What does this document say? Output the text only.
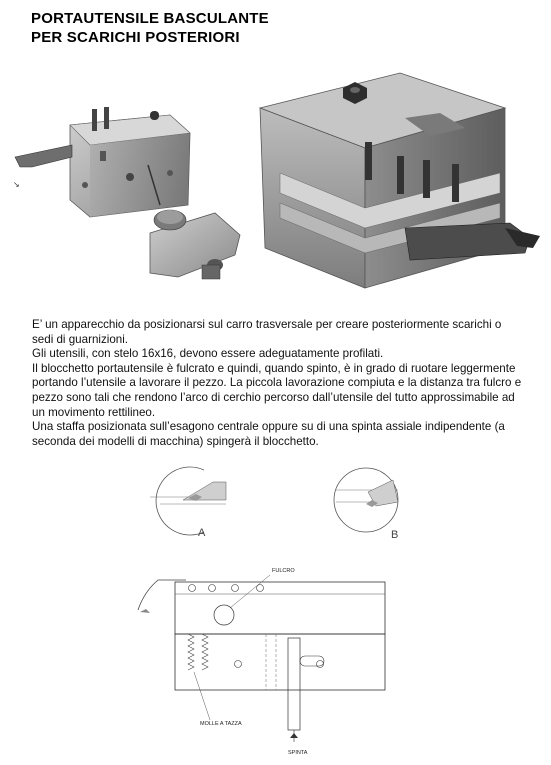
PORTAUTENSILE BASCULANTE
PER SCARICHI POSTERIORI
↘

E’ un apparecchio da posizionarsi sul carro trasversale per creare posteriormente scarichi o sedi di guarnizioni.

Gli utensili, con stelo 16x16, devono essere adeguatamente profilati.

Il blocchetto portautensile è fulcrato e quindi, quando spinto, è in grado di ruotare leggermente portando l’utensile a lavorare il pezzo. La piccola lavorazione compiuta e la distanza tra fulcro e pezzo sono tali che rendono l’arco di cerchio percorso dall’utensile del tutto approssimabile ad un movimento rettilineo.

Una staffa posizionata sull’esagono centrale oppure su di una spinta assiale indipendente (a seconda dei modelli di macchina) spingerà il blocchetto.

A	B
FULCRO
MOLLE A TAZZA
SPINTA
